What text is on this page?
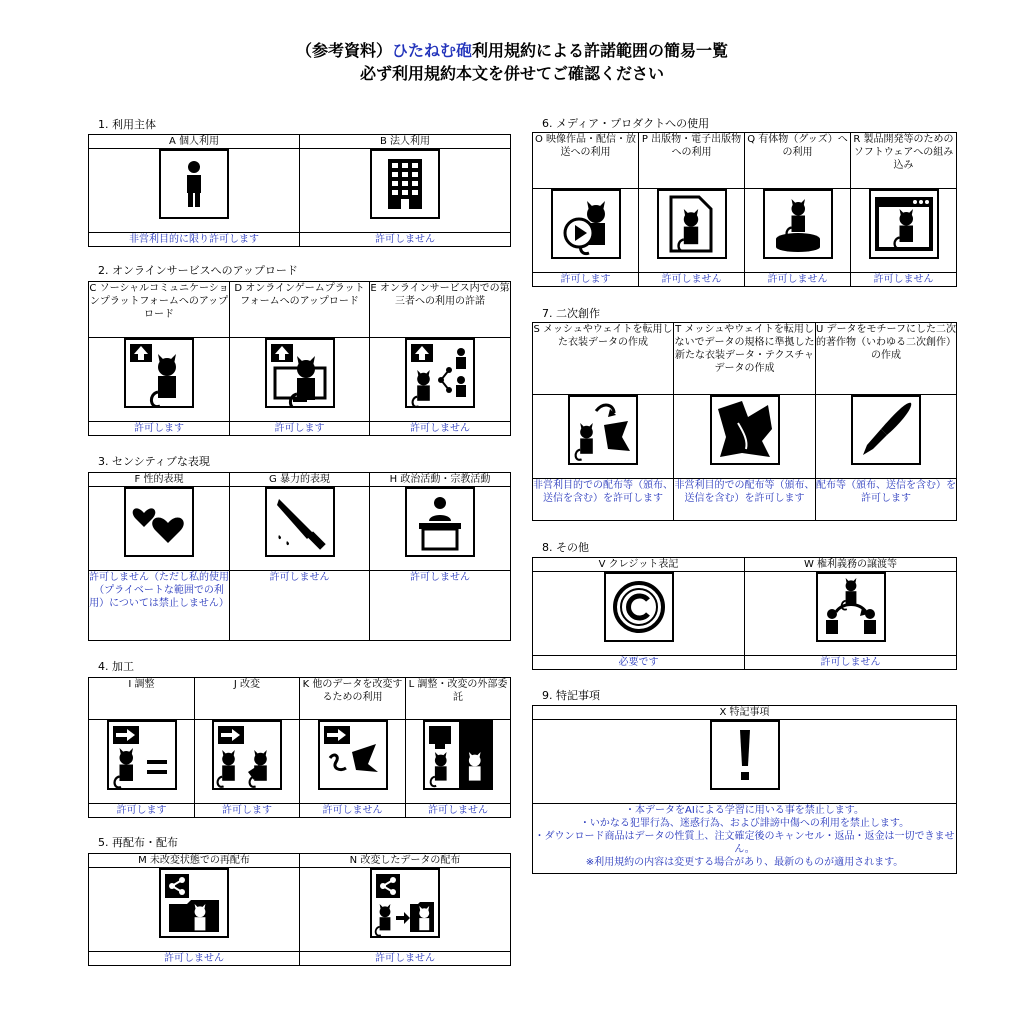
（参考資料）ひたねむ砲利用規約による許諾範囲の簡易一覧
必ず利用規約本文を併せてご確認ください
1. 利用主体
A 個人利用	B 法人利用

非営利目的に限り許可します	許可しません
2. オンラインサービスへのアップロード
C ソーシャルコミュニケーションプラットフォームへのアップロード	D オンラインゲームプラットフォームへのアップロード	E オンラインサービス内での第三者への利用の許諾

許可します	許可します	許可しません
3. センシティブな表現
F 性的表現	G 暴力的表現	H 政治活動・宗教活動

許可しません（ただし私的使用（プライベートな範囲での利用）については禁止しません）	許可しません	許可しません
4. 加工
I 調整	J 改変	K 他のデータを改変するための利用	L 調整・改変の外部委託

許可します	許可します	許可しません	許可しません
5. 再配布・配布
M 未改変状態での再配布	N 改変したデータの配布

許可しません	許可しません
6. メディア・プロダクトへの使用
O 映像作品・配信・放送への利用	P 出版物・電子出版物への利用	Q 有体物（グッズ）への利用	R 製品開発等のためのソフトウェアへの組み込み

許可します	許可しません	許可しません	許可しません
7. 二次創作
S メッシュやウェイトを転用した衣装データの作成	T メッシュやウェイトを転用しないでデータの規格に準拠した新たな衣装データ・テクスチャデータの作成	U データをモチーフにした二次的著作物（いわゆる二次創作）の作成

非営利目的での配布等（頒布、送信を含む）を許可します	非営利目的での配布等（頒布、送信を含む）を許可します	配布等（頒布、送信を含む）を許可します
8. その他
V クレジット表記	W 権利義務の譲渡等

必要です	許可しません
9. 特記事項
X 特記事項

・本データをAIによる学習に用いる事を禁止します。
・いかなる犯罪行為、迷惑行為、および誹謗中傷への利用を禁止します。
・ダウンロード商品はデータの性質上、注文確定後のキャンセル・返品・返金は一切できません。
※利用規約の内容は変更する場合があり、最新のものが適用されます。
